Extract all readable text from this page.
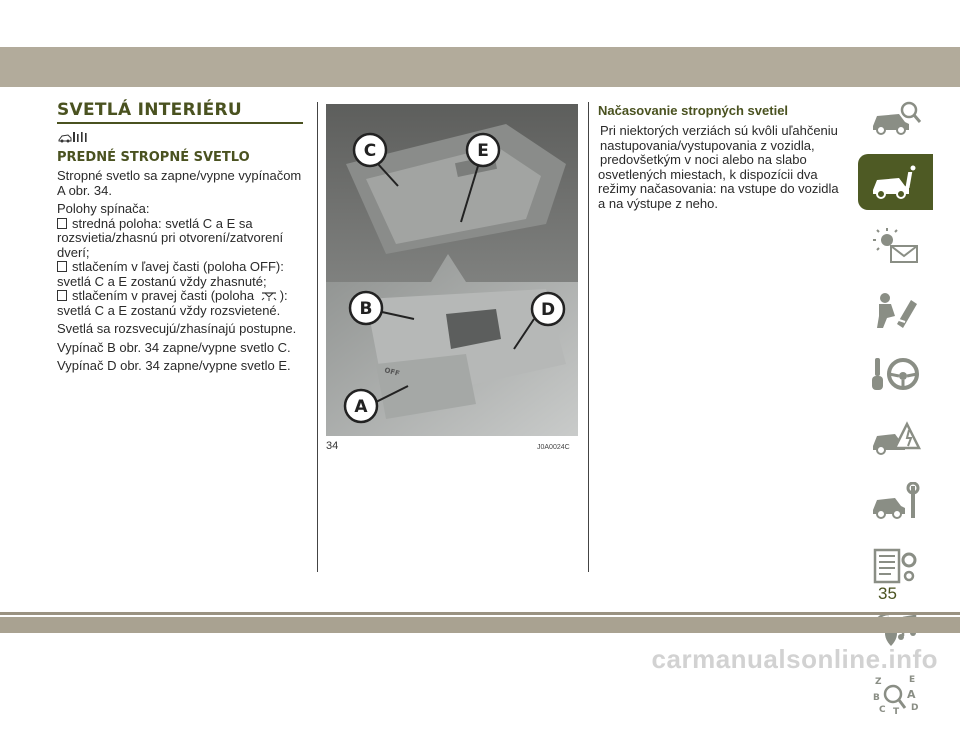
SVETLÁ INTERIÉRU
PREDNÉ STROPNÉ SVETLO
Stropné svetlo sa zapne/vypne vypínačom
A obr. 34.
Polohy spínača:
stredná poloha: svetlá C a E sa
rozsvietia/zhasnú pri otvorení/zatvorení
dverí;
stlačením v ľavej časti (poloha OFF):
svetlá C a E zostanú vždy zhasnuté;
stlačením v pravej časti (poloha ):
svetlá C a E zostanú vždy rozsvietené.
Svetlá sa rozsvecujú/zhasínajú postupne.
Vypínač B obr. 34 zapne/vypne svetlo C.
Vypínač D obr. 34 zapne/vypne svetlo E.
C	E
B	D
A
OFF
34	J0A0024C
Načasovanie stropných svetiel
Pri niektorých verziách sú kvôli uľahčeniu
nastupovania/vystupovania z vozidla,
predovšetkým v noci alebo na slabo
osvetlených miestach, k dispozícii dva
režimy načasovania: na vstupe do vozidla
a na výstupe z neho.
Z	E
B A
C T D
35
carmanualsonline.info
